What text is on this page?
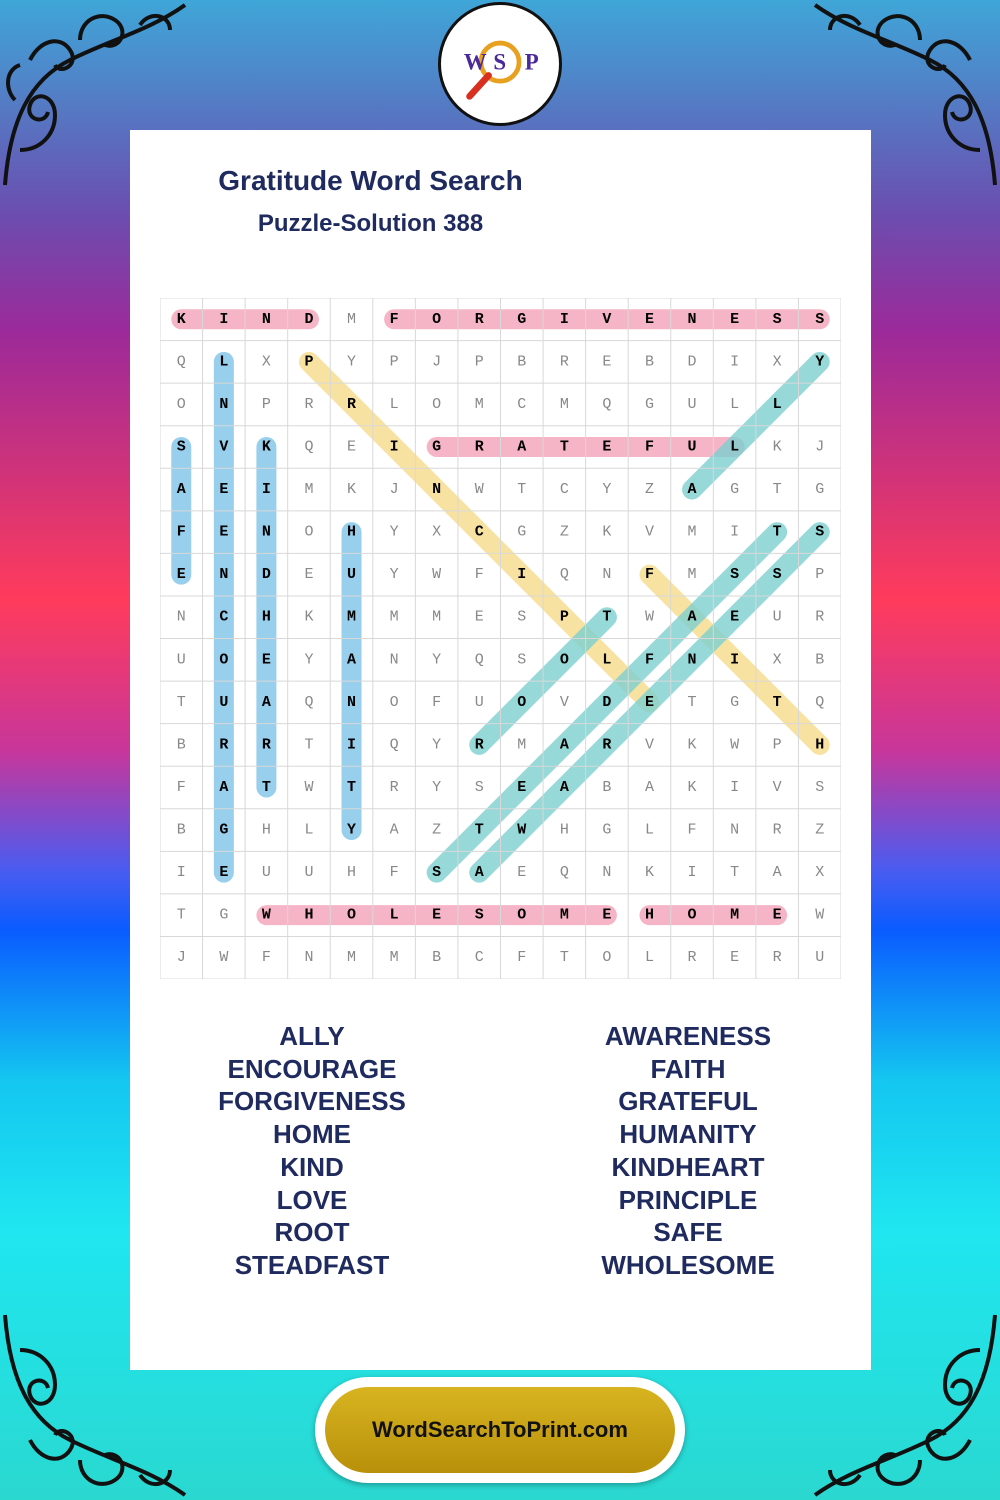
W S P
Gratitude Word Search
Puzzle-Solution 388
K I N D M F O R G I V E N E S S
Q L X P Y P J P B R E B D I X Y
O N P R R L O M C M Q G U L L
S V K Q E I G R A T E F U L K J
A E I M K J N W T C Y Z A G T G
F E N O H Y X C G Z K V M I T S
E N D E U Y W F I Q N F M S S P
N C H K M M M E S P T W A E U R
U O E Y A N Y Q S O L F N I X B
T U A Q N O F U O V D E T G T Q
B R R T I Q Y R M A R V K W P H
F A T W T R Y S E A B A K I V S
B G H L Y A Z T W H G L F N R Z
I E U U H F S A E Q N K I T A X
T G W H O L E S O M E H O M E W
J W F N M M B C F T O L R E R U
ALLY
ENCOURAGE
FORGIVENESS
HOME
KIND
LOVE
ROOT
STEADFAST
AWARENESS
FAITH
GRATEFUL
HUMANITY
KINDHEART
PRINCIPLE
SAFE
WHOLESOME
WordSearchToPrint.com
